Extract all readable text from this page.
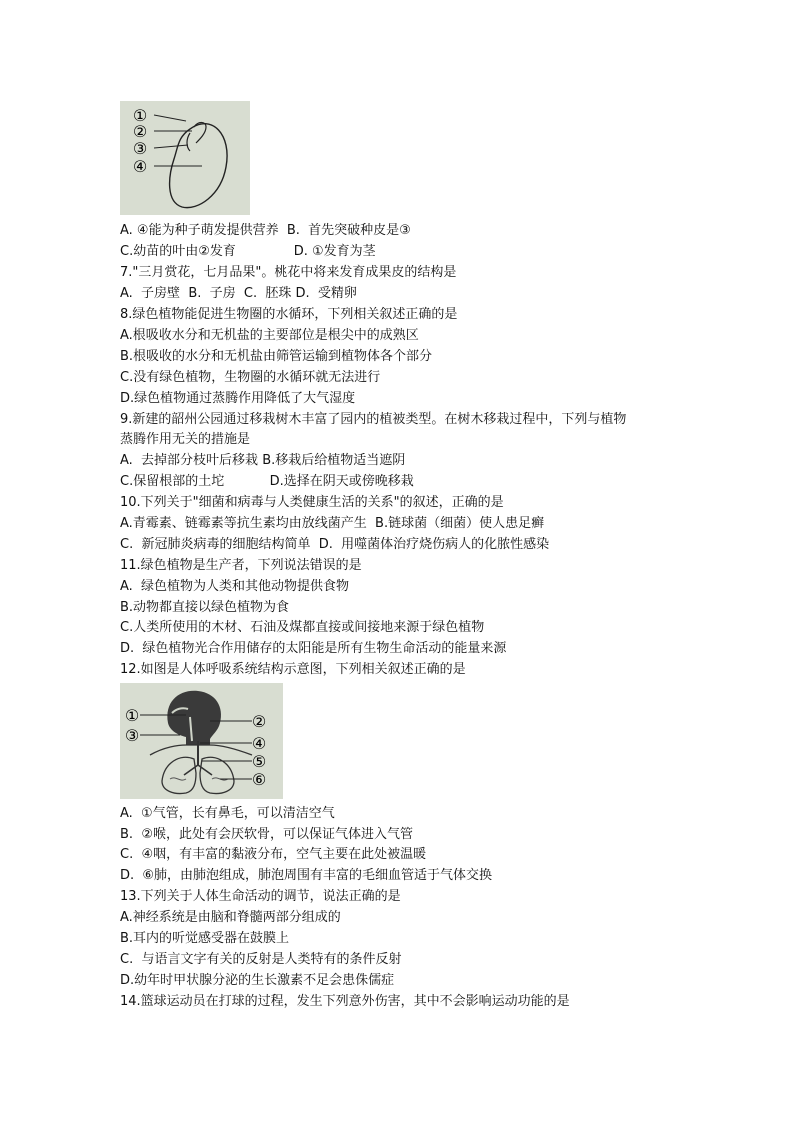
①
②
③
④
A. ④能为种子萌发提供营养  B.  首先突破种皮是③
C.幼苗的叶由②发育              D. ①发育为茎
7."三月赏花，七月品果"。桃花中将来发育成果皮的结构是
A.  子房壁  B.  子房  C.  胚珠 D.  受精卵
8.绿色植物能促进生物圈的水循环，下列相关叙述正确的是
A.根吸收水分和无机盐的主要部位是根尖中的成熟区
B.根吸收的水分和无机盐由筛管运输到植物体各个部分
C.没有绿色植物，生物圈的水循环就无法进行
D.绿色植物通过蒸腾作用降低了大气湿度
9.新建的韶州公园通过移栽树木丰富了园内的植被类型。在树木移栽过程中，下列与植物
蒸腾作用无关的措施是
A.  去掉部分枝叶后移栽 B.移栽后给植物适当遮阴
C.保留根部的土坨           D.选择在阴天或傍晚移栽
10.下列关于"细菌和病毒与人类健康生活的关系"的叙述，正确的是
A.青霉素、链霉素等抗生素均由放线菌产生  B.链球菌（细菌）使人患足癣
C.  新冠肺炎病毒的细胞结构简单  D.  用噬菌体治疗烧伤病人的化脓性感染
11.绿色植物是生产者，下列说法错误的是
A.  绿色植物为人类和其他动物提供食物
B.动物都直接以绿色植物为食
C.人类所使用的木材、石油及煤都直接或间接地来源于绿色植物
D.  绿色植物光合作用储存的太阳能是所有生物生命活动的能量来源
12.如图是人体呼吸系统结构示意图，下列相关叙述正确的是
①	②
③	④
⑤
⑥
A.  ①气管，长有鼻毛，可以清洁空气
B.  ②喉，此处有会厌软骨，可以保证气体进入气管
C.  ④咽，有丰富的黏液分布，空气主要在此处被温暖
D.  ⑥肺，由肺泡组成，肺泡周围有丰富的毛细血管适于气体交换
13.下列关于人体生命活动的调节，说法正确的是
A.神经系统是由脑和脊髓两部分组成的
B.耳内的听觉感受器在鼓膜上
C.  与语言文字有关的反射是人类特有的条件反射
D.幼年时甲状腺分泌的生长激素不足会患侏儒症
14.篮球运动员在打球的过程，发生下列意外伤害，其中不会影响运动功能的是
